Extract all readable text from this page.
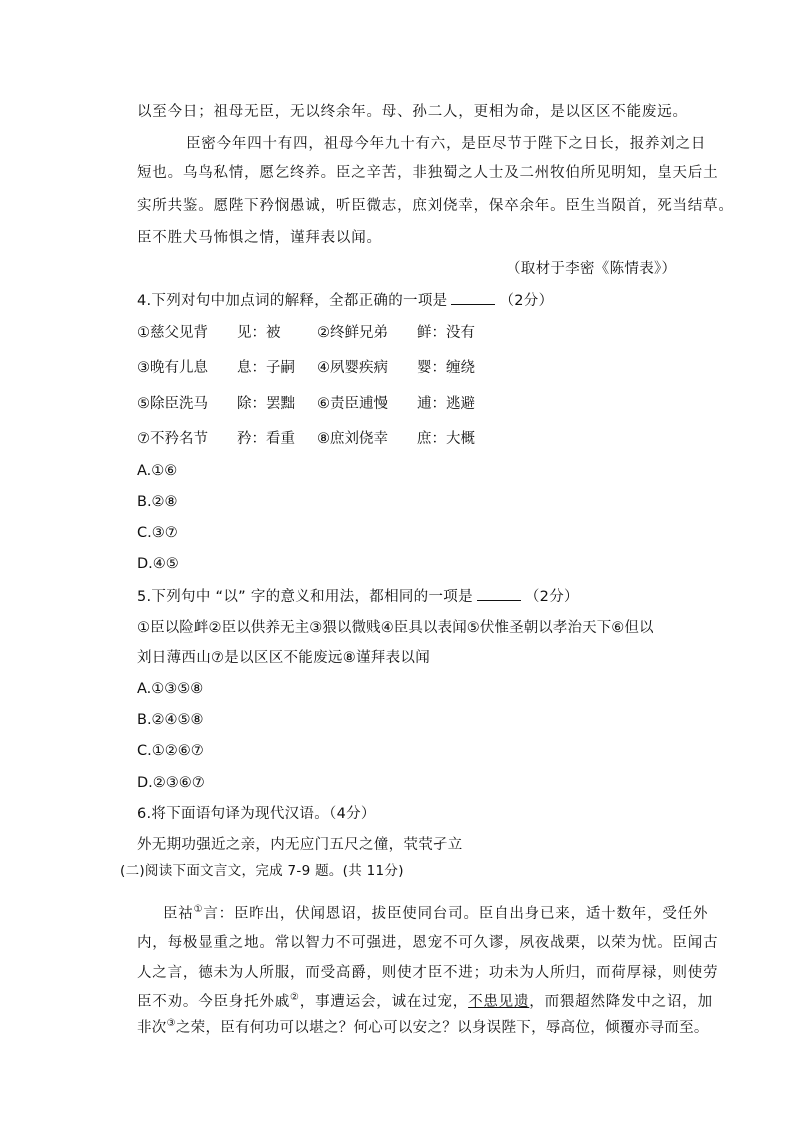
以至今日；祖母无臣，无以终余年。母、孙二人，更相为命，是以区区不能废远。
臣密今年四十有四，祖母今年九十有六，是臣尽节于陛下之日长，报养刘之日
短也。乌鸟私情，愿乞终养。臣之辛苦，非独蜀之人士及二州牧伯所见明知，皇天后土
实所共鉴。愿陛下矜悯愚诚，听臣微志，庶刘侥幸，保卒余年。臣生当陨首，死当结草。
臣不胜犬马怖惧之情，谨拜表以闻。
（取材于李密《陈情表》）
4.下列对句中加点词的解释，全都正确的一项是	（2分）
①慈父见背 见：被	②终鲜兄弟 鲜：没有
③晚有儿息 息：子嗣 ④夙婴疾病 婴：缠绕
⑤除臣洗马 除：罢黜 ⑥责臣逋慢 逋：逃避
⑦不矜名节 矜：看重 ⑧庶刘侥幸 庶：大概
A.①⑥
B.②⑧
C.③⑦
D.④⑤
5.下列句中 “以” 字的意义和用法，都相同的一项是	（2分）
①臣以险衅②臣以供养无主③猥以微贱④臣具以表闻⑤伏惟圣朝以孝治天下⑥但以
刘日薄西山⑦是以区区不能废远⑧谨拜表以闻
A.①③⑤⑧
B.②④⑤⑧
C.①②⑥⑦
D.②③⑥⑦
6.将下面语句译为现代汉语。（4分）
外无期功强近之亲，内无应门五尺之僮，茕茕孑立
(二)阅读下面文言文，完成 7-9 题。(共 11分)
臣祜①言：臣昨出，伏闻恩诏，拔臣使同台司。臣自出身已来，适十数年，受任外
内，每极显重之地。常以智力不可强进，恩宠不可久谬，夙夜战栗，以荣为忧。臣闻古
人之言，德未为人所服，而受高爵，则使才臣不进；功未为人所归，而荷厚禄，则使劳
臣不劝。今臣身托外戚②，事遭运会，诚在过宠，不患见遗，而猥超然降发中之诏，加
非次③之荣，臣有何功可以堪之？何心可以安之？以身误陛下，辱高位，倾覆亦寻而至。
